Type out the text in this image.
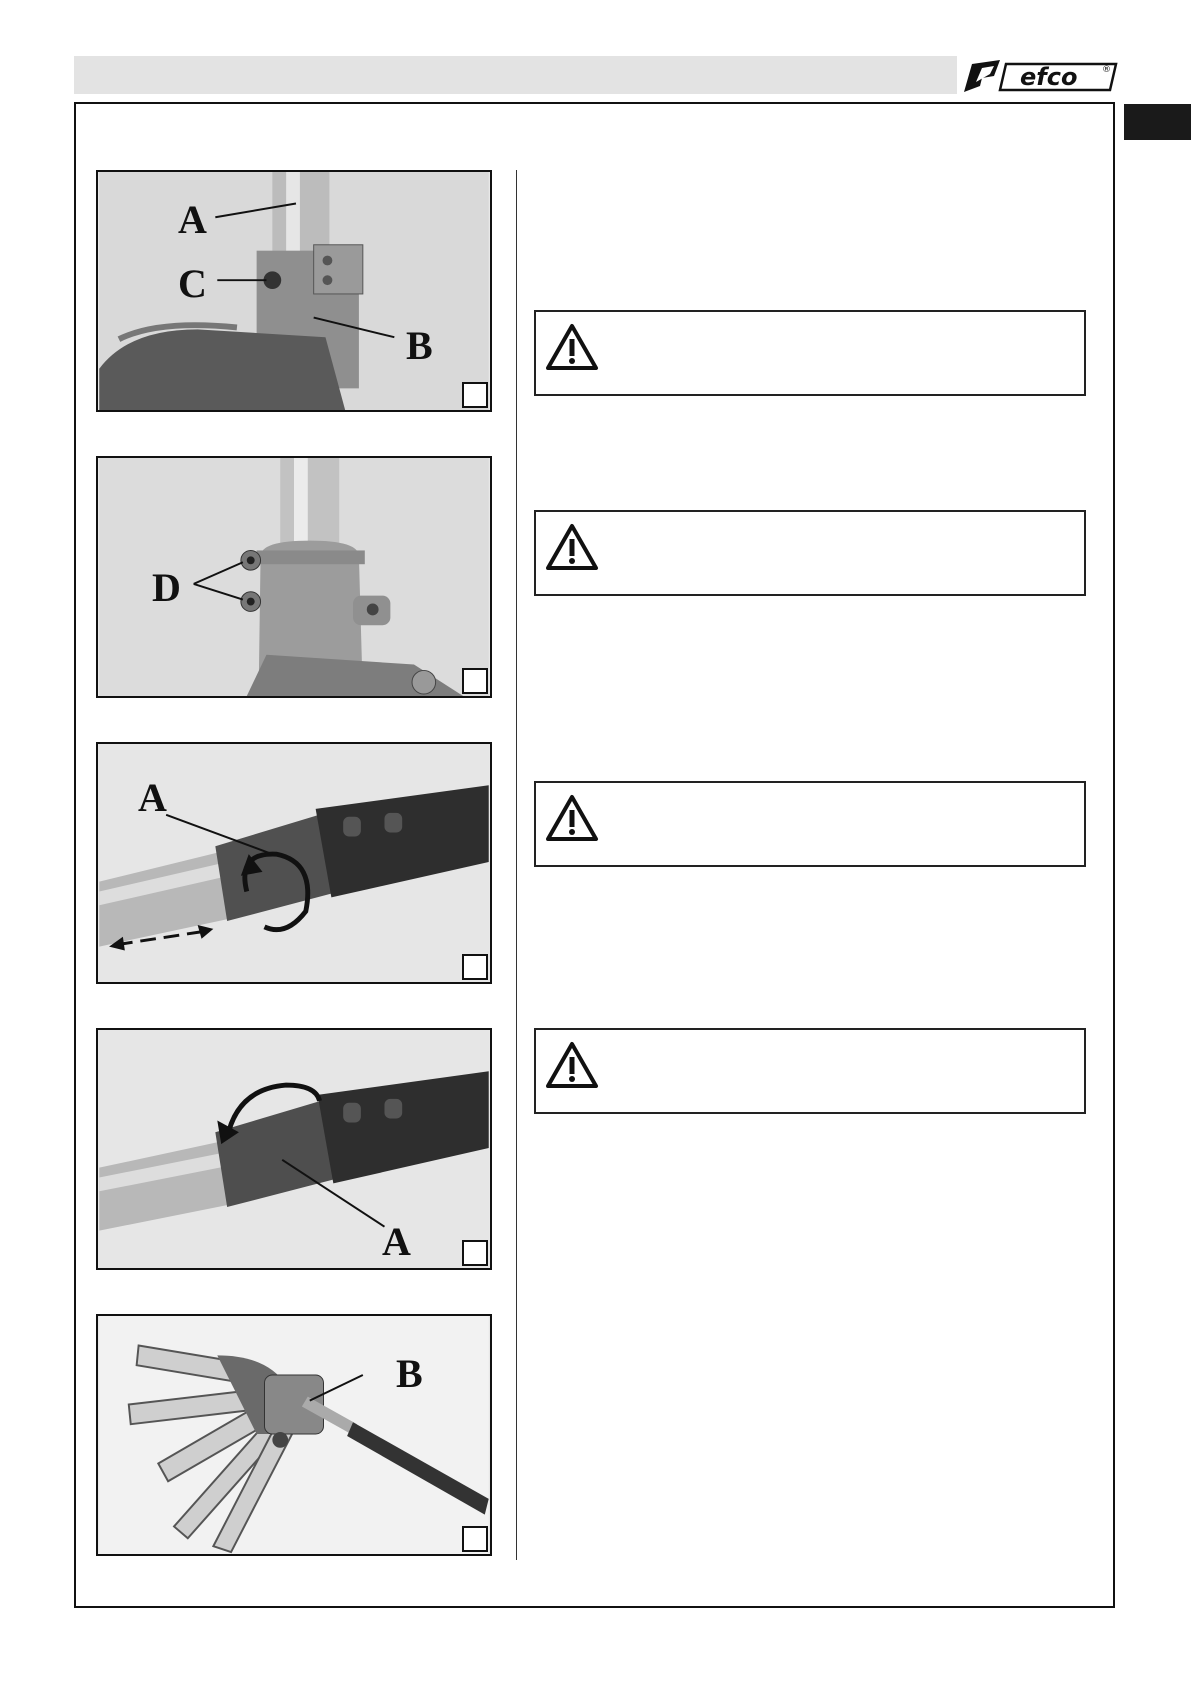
efco	®
A
C
B
D
A
A
B
